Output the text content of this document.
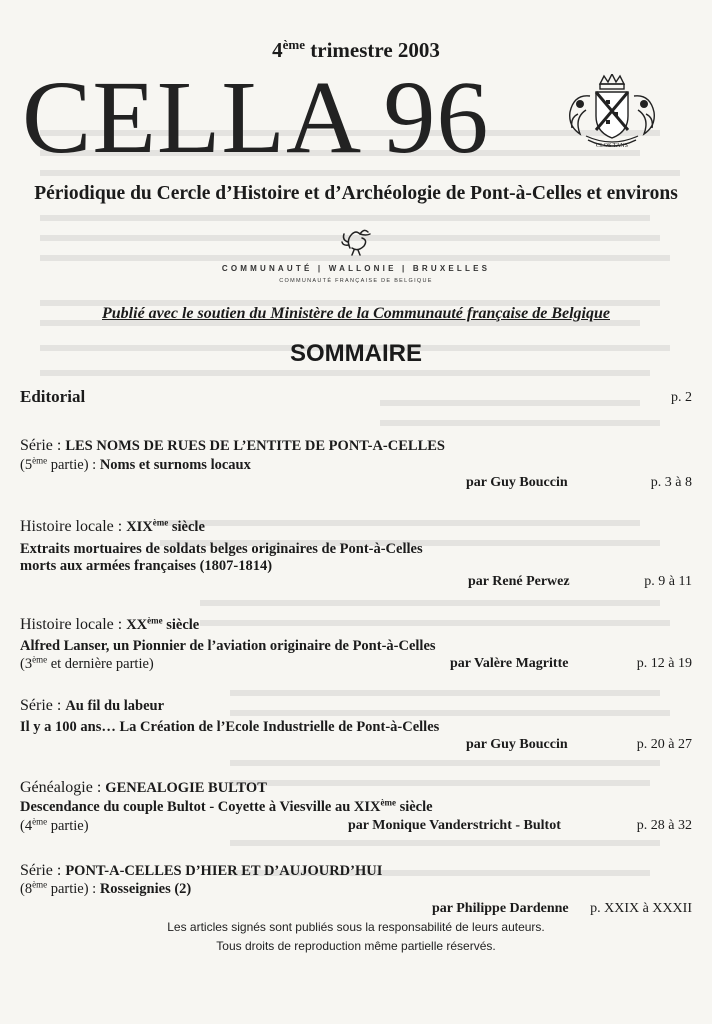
4ème trimestre 2003
CELLA 96	CLOS TANS
Périodique du Cercle d’Histoire et d’Archéologie de Pont-à-Celles et environs
COMMUNAUTÉ | WALLONIE | BRUXELLES
COMMUNAUTÉ FRANÇAISE DE BELGIQUE
Publié avec le soutien du Ministère de la Communauté française de Belgique
SOMMAIRE
Editorial	p. 2
Série : LES NOMS DE RUES DE L’ENTITE DE PONT-A-CELLES
(5ème partie) : Noms et surnoms locaux
par Guy Bouccin	p. 3 à 8
Histoire locale : XIXème siècle
Extraits mortuaires de soldats belges originaires de Pont-à-Celles
morts aux armées françaises (1807-1814)
par René Perwez	p. 9 à 11
Histoire locale : XXème siècle
Alfred Lanser, un Pionnier de l’aviation originaire de Pont-à-Celles
(3ème et dernière partie)	par Valère Magritte	p. 12 à 19
Série : Au fil du labeur
Il y a 100 ans… La Création de l’Ecole Industrielle de Pont-à-Celles
par Guy Bouccin	p. 20 à 27
Généalogie : GENEALOGIE BULTOT
Descendance du couple Bultot - Coyette à Viesville au XIXème siècle
(4ème partie)	par Monique Vanderstricht - Bultot	p. 28 à 32
Série : PONT-A-CELLES D’HIER ET D’AUJOURD’HUI
(8ème partie) : Rosseignies (2)
par Philippe Dardenne p. XXIX à XXXII
Les articles signés sont publiés sous la responsabilité de leurs auteurs.
Tous droits de reproduction même partielle réservés.
